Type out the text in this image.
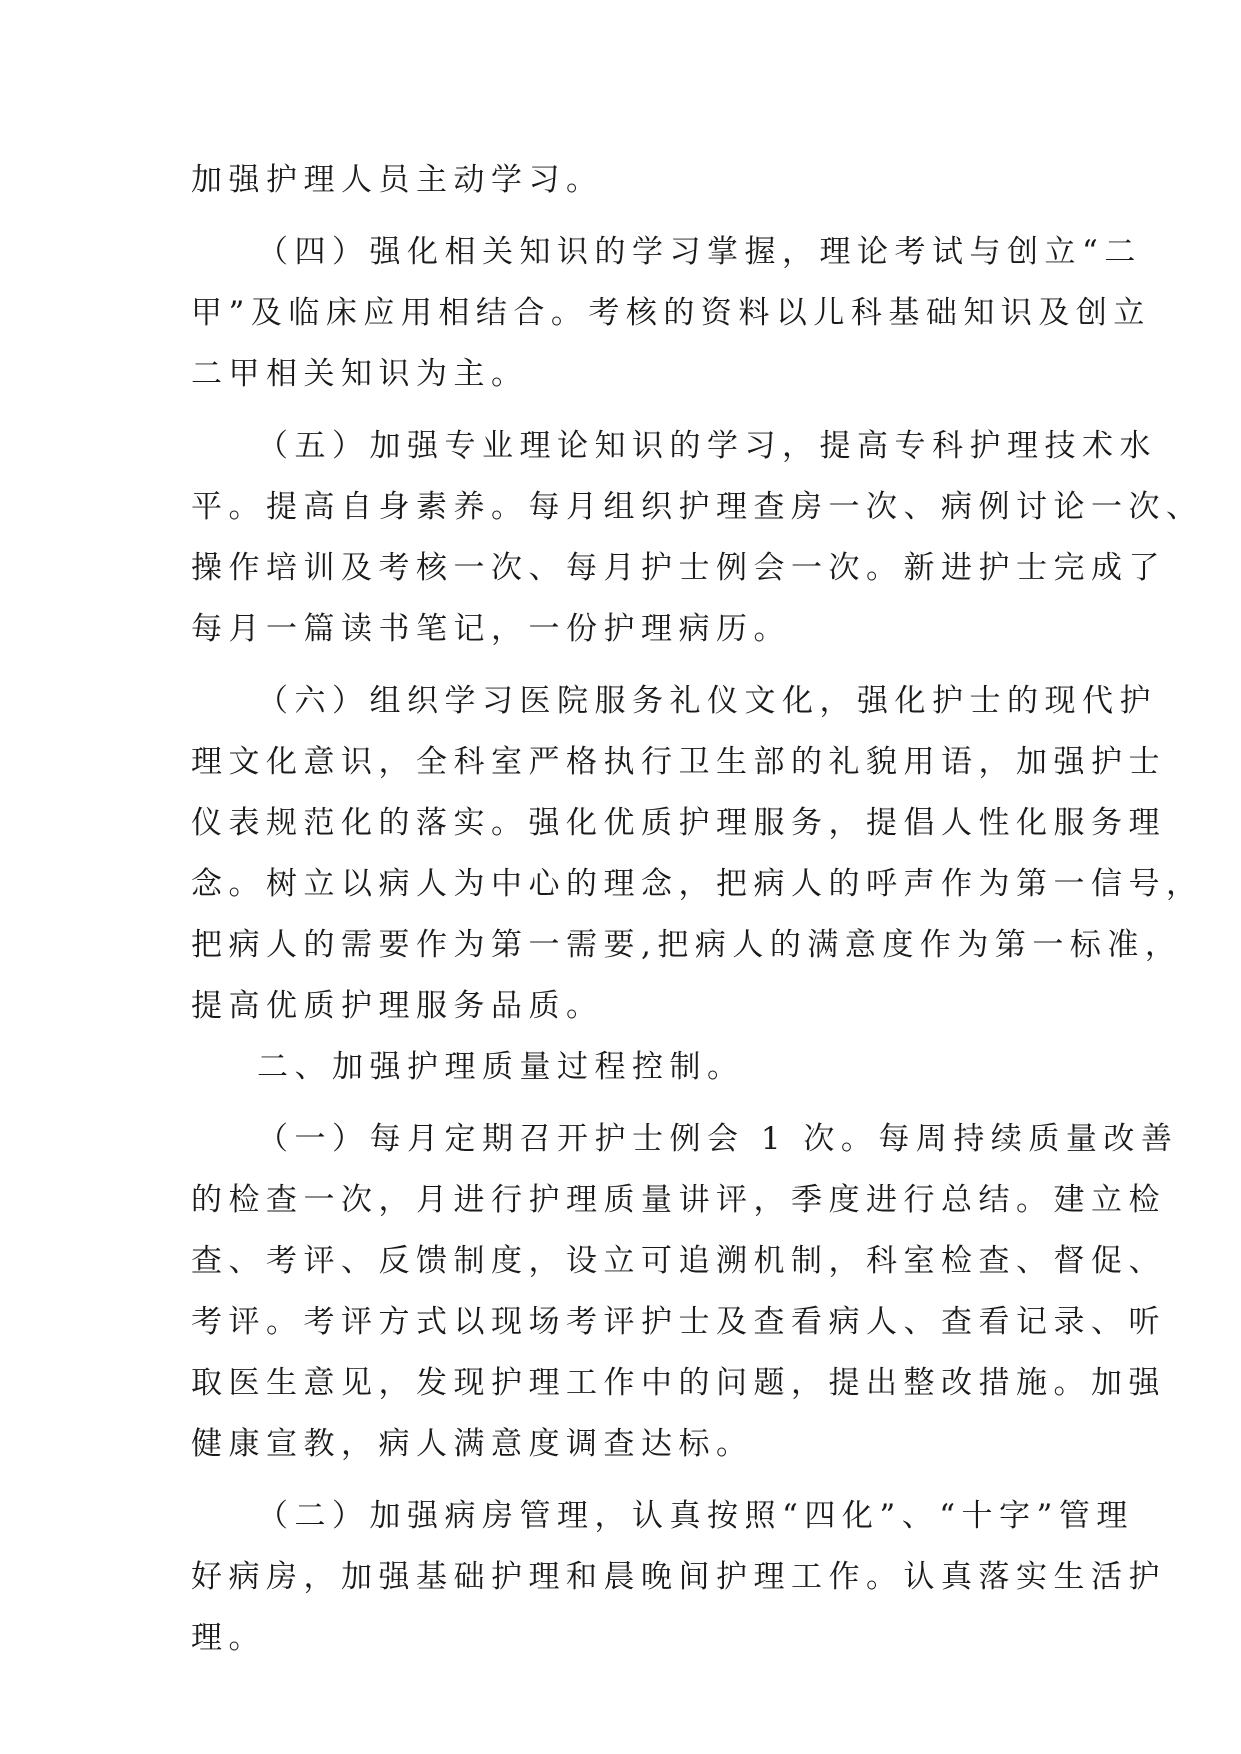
加强护理人员主动学习。
（四）强化相关知识的学习掌握，理论考试与创立“二
甲”及临床应用相结合。考核的资料以儿科基础知识及创立
二甲相关知识为主。
（五）加强专业理论知识的学习，提高专科护理技术水
平。提高自身素养。每月组织护理查房一次、病例讨论一次、
操作培训及考核一次、每月护士例会一次。新进护士完成了
每月一篇读书笔记，一份护理病历。
（六）组织学习医院服务礼仪文化，强化护士的现代护
理文化意识，全科室严格执行卫生部的礼貌用语，加强护士
仪表规范化的落实。强化优质护理服务，提倡人性化服务理
念。树立以病人为中心的理念，把病人的呼声作为第一信号，
把病人的需要作为第一需要,把病人的满意度作为第一标准，
提高优质护理服务品质。
二、加强护理质量过程控制。
（一）每月定期召开护士例会 1 次。每周持续质量改善
的检查一次，月进行护理质量讲评，季度进行总结。建立检
查、考评、反馈制度，设立可追溯机制，科室检查、督促、
考评。考评方式以现场考评护士及查看病人、查看记录、听
取医生意见，发现护理工作中的问题，提出整改措施。加强
健康宣教，病人满意度调查达标。
（二）加强病房管理，认真按照“四化”、“十字”管理
好病房，加强基础护理和晨晚间护理工作。认真落实生活护
理。
